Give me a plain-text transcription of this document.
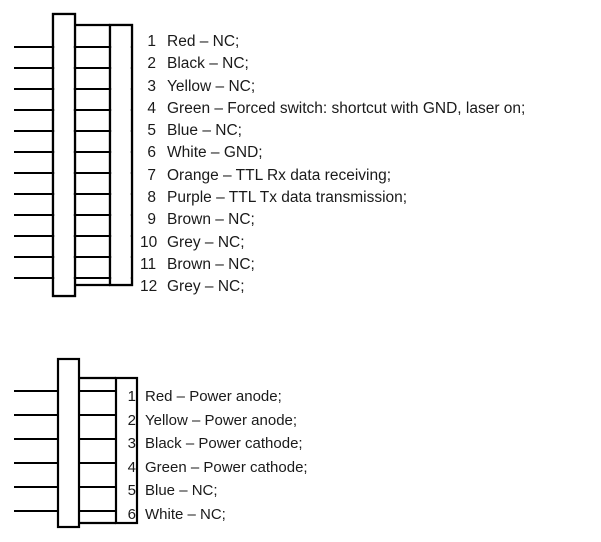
1 Red – NC;
2 Black – NC;
3 Yellow – NC;
4 Green – Forced switch: shortcut with GND, laser on;
5 Blue – NC;
6 White – GND;
7 Orange – TTL Rx data receiving;
8 Purple – TTL Tx data transmission;
9 Brown – NC;
10 Grey – NC;
11 Brown – NC;
12 Grey – NC;
1 Red – Power anode;
2 Yellow – Power anode;
3 Black – Power cathode;
4 Green – Power cathode;
5 Blue – NC;
6 White – NC;
